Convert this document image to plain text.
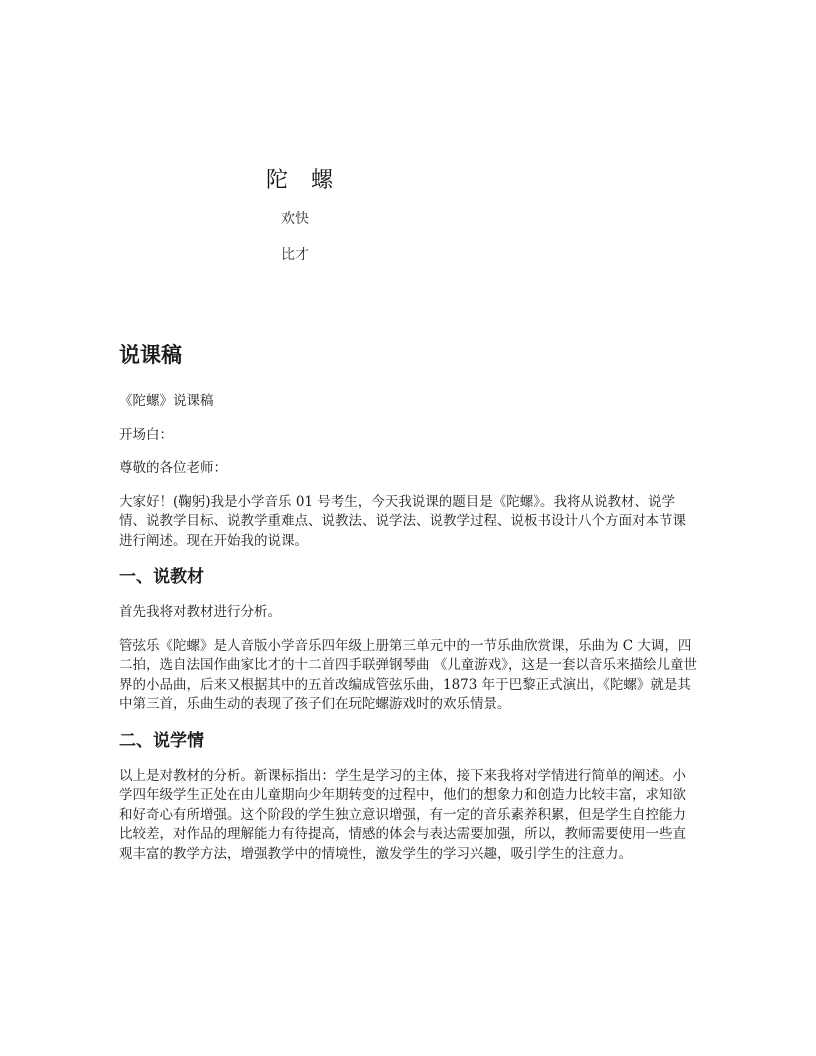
陀 螺
欢快
比才
说课稿

《陀螺》说课稿

开场白：

尊敬的各位老师：

大家好！(鞠躬)我是小学音乐 01 号考生，今天我说课的题目是《陀螺》。我将从说教材、说学情、说教学目标、说教学重难点、说教法、说学法、说教学过程、说板书设计八个方面对本节课进行阐述。现在开始我的说课。

一、说教材

首先我将对教材进行分析。

管弦乐《陀螺》是人音版小学音乐四年级上册第三单元中的一节乐曲欣赏课，乐曲为 C 大调，四二拍，选自法国作曲家比才的十二首四手联弹钢琴曲 《儿童游戏》，这是一套以音乐来描绘儿童世界的小品曲，后来又根据其中的五首改编成管弦乐曲，1873 年于巴黎正式演出，《陀螺》就是其中第三首，乐曲生动的表现了孩子们在玩陀螺游戏时的欢乐情景。

二、说学情

以上是对教材的分析。新课标指出：学生是学习的主体，接下来我将对学情进行简单的阐述。小学四年级学生正处在由儿童期向少年期转变的过程中，他们的想象力和创造力比较丰富，求知欲和好奇心有所增强。这个阶段的学生独立意识增强，有一定的音乐素养积累，但是学生自控能力比较差，对作品的理解能力有待提高，情感的体会与表达需要加强，所以，教师需要使用一些直观丰富的教学方法，增强教学中的情境性，激发学生的学习兴趣，吸引学生的注意力。
